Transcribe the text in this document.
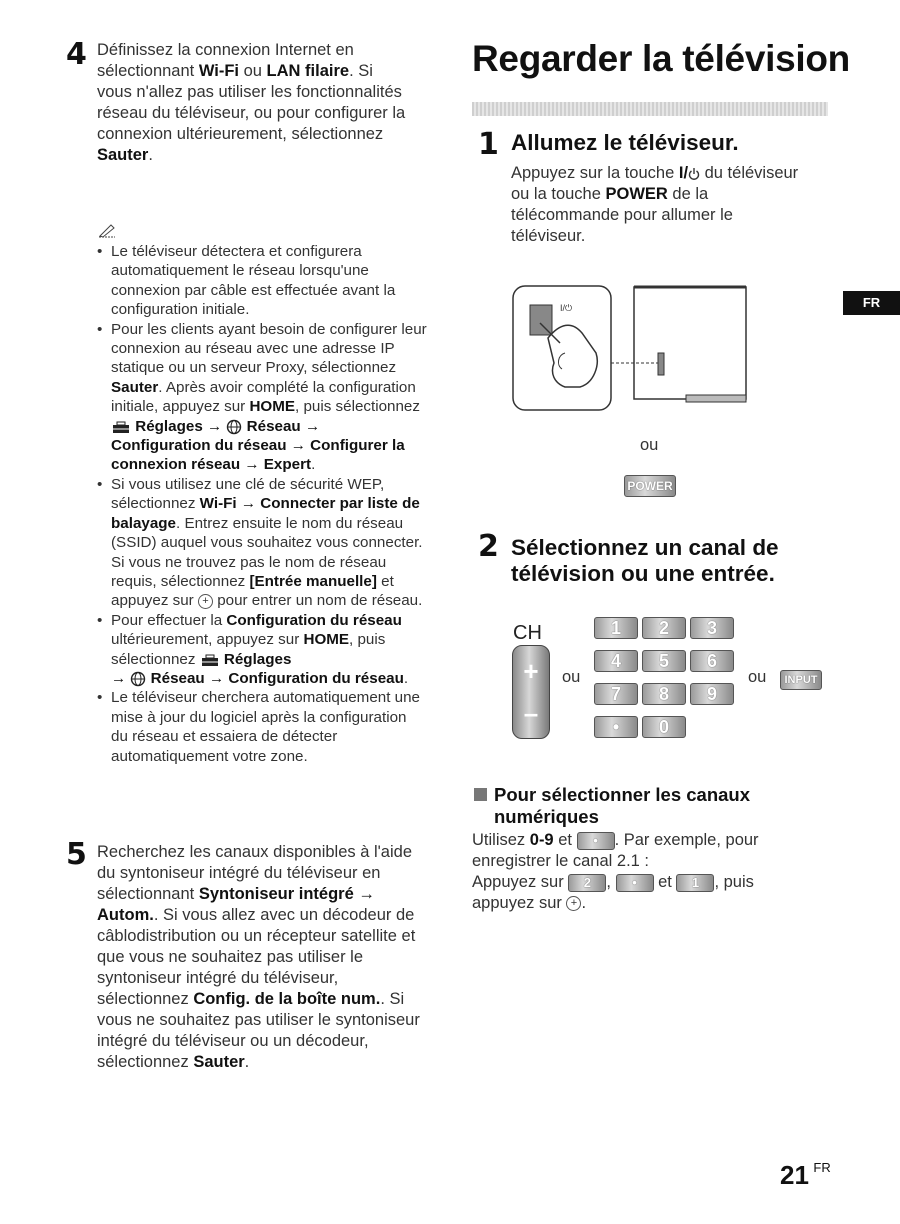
4 Définissez la connexion Internet en sélectionnant Wi-Fi ou LAN filaire. Si vous n'allez pas utiliser les fonctionnalités réseau du téléviseur, ou pour configurer la connexion ultérieurement, sélectionnez Sauter.
• Le téléviseur détectera et configurera automatiquement le réseau lorsqu'une connexion par câble est effectuée avant la configuration initiale.
• Pour les clients ayant besoin de configurer leur connexion au réseau avec une adresse IP statique ou un serveur Proxy, sélectionnez Sauter. Après avoir complété la configuration initiale, appuyez sur HOME, puis sélectionnez
Réglages → Réseau →
Configuration du réseau → Configurer la connexion réseau → Expert.
• Si vous utilisez une clé de sécurité WEP, sélectionnez Wi-Fi → Connecter par liste de balayage. Entrez ensuite le nom du réseau (SSID) auquel vous souhaitez vous connecter. Si vous ne trouvez pas le nom de réseau requis, sélectionnez [Entrée manuelle] et appuyez sur + pour entrer un nom de réseau.
• Pour effectuer la Configuration du réseau ultérieurement, appuyez sur HOME, puis sélectionnez  Réglages
→ Réseau → Configuration du réseau.
• Le téléviseur cherchera automatiquement une mise à jour du logiciel après la configuration du réseau et essaiera de détecter automatiquement votre zone.
5 Recherchez les canaux disponibles à l'aide du syntoniseur intégré du téléviseur en sélectionnant Syntoniseur intégré → Autom.. Si vous allez avec un décodeur de câblodistribution ou un récepteur satellite et que vous ne souhaitez pas utiliser le syntoniseur intégré du téléviseur, sélectionnez Config. de la boîte num.. Si vous ne souhaitez pas utiliser le syntoniseur intégré du téléviseur ou un décodeur, sélectionnez Sauter.
Regarder la télévision
1 Allumez le téléviseur.
Appuyez sur la touche I/ du téléviseur ou la touche POWER de la télécommande pour allumer le téléviseur.
I/⏻
ou
POWER
2 Sélectionnez un canal de télévision ou une entrée.
CH
+
–
ou
1	2	3
4	5	6
7	8	9
•	0
ou	INPUT
Pour sélectionner les canaux numériques
Utilisez 0-9 et • . Par exemple, pour enregistrer le canal 2.1 :
Appuyez sur 2 , • et 1 , puis appuyez sur + .
FR
21 $^{FR}$
